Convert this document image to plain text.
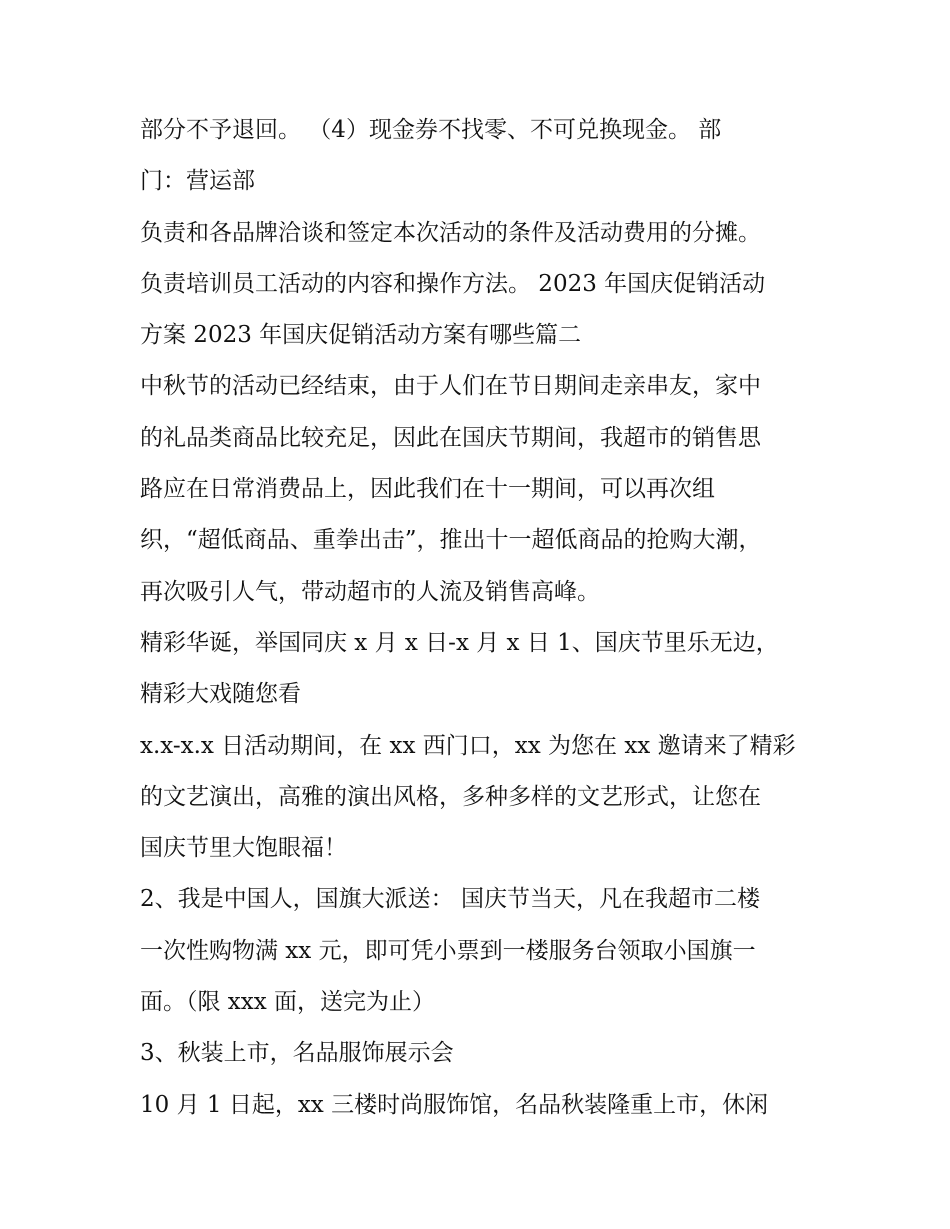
部分不予退回。 （4）现金券不找零、不可兑换现金。 部
门：营运部
负责和各品牌洽谈和签定本次活动的条件及活动费用的分摊。
负责培训员工活动的内容和操作方法。 2023 年国庆促销活动
方案 2023 年国庆促销活动方案有哪些篇二
中秋节的活动已经结束，由于人们在节日期间走亲串友，家中
的礼品类商品比较充足，因此在国庆节期间，我超市的销售思
路应在日常消费品上，因此我们在十一期间，可以再次组
织，“超低商品、重拳出击”，推出十一超低商品的抢购大潮，
再次吸引人气，带动超市的人流及销售高峰。
精彩华诞，举国同庆 x 月 x 日-x 月 x 日 1、国庆节里乐无边，
精彩大戏随您看
x.x-x.x 日活动期间，在 xx 西门口，xx 为您在 xx 邀请来了精彩
的文艺演出，高雅的演出风格，多种多样的文艺形式，让您在
国庆节里大饱眼福！
2、我是中国人，国旗大派送： 国庆节当天，凡在我超市二楼
一次性购物满 xx 元，即可凭小票到一楼服务台领取小国旗一
面。（限 xxx 面，送完为止）
3、秋装上市，名品服饰展示会
10 月 1 日起，xx 三楼时尚服饰馆，名品秋装隆重上市，休闲
